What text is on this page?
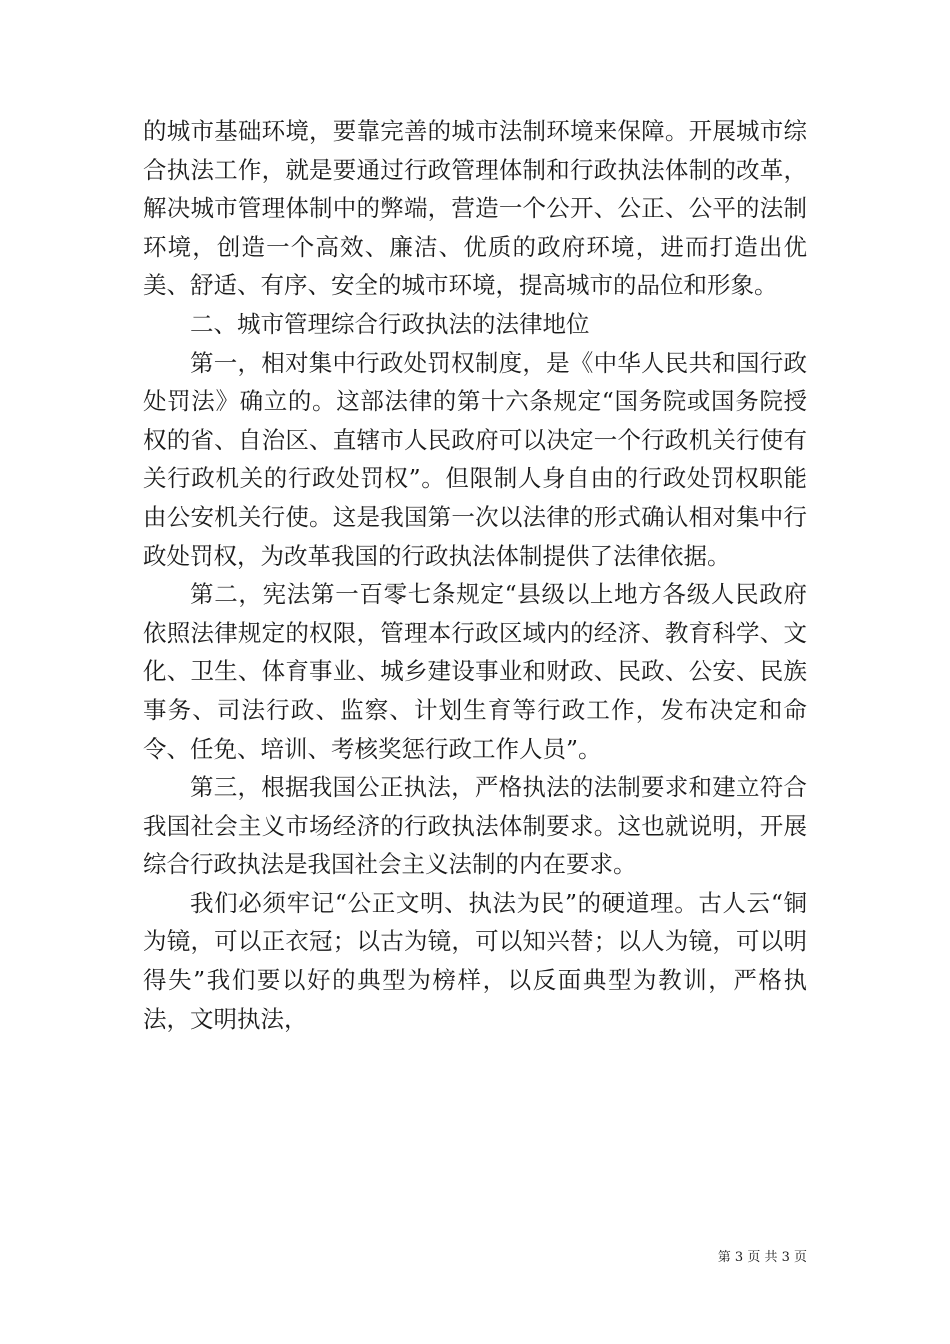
的城市基础环境，要靠完善的城市法制环境来保障。开展城市综合执法工作，就是要通过行政管理体制和行政执法体制的改革，解决城市管理体制中的弊端，营造一个公开、公正、公平的法制环境，创造一个高效、廉洁、优质的政府环境，进而打造出优美、舒适、有序、安全的城市环境，提高城市的品位和形象。

二、城市管理综合行政执法的法律地位

第一，相对集中行政处罚权制度，是《中华人民共和国行政处罚法》确立的。这部法律的第十六条规定“国务院或国务院授权的省、自治区、直辖市人民政府可以决定一个行政机关行使有关行政机关的行政处罚权”。但限制人身自由的行政处罚权职能由公安机关行使。这是我国第一次以法律的形式确认相对集中行政处罚权，为改革我国的行政执法体制提供了法律依据。

第二，宪法第一百零七条规定“县级以上地方各级人民政府依照法律规定的权限，管理本行政区域内的经济、教育科学、文化、卫生、体育事业、城乡建设事业和财政、民政、公安、民族事务、司法行政、监察、计划生育等行政工作，发布决定和命令、任免、培训、考核奖惩行政工作人员”。

第三，根据我国公正执法，严格执法的法制要求和建立符合我国社会主义市场经济的行政执法体制要求。这也就说明，开展综合行政执法是我国社会主义法制的内在要求。

我们必须牢记“公正文明、执法为民”的硬道理。古人云“铜为镜，可以正衣冠；以古为镜，可以知兴替；以人为镜，可以明得失”我们要以好的典型为榜样，以反面典型为教训，严格执法，文明执法，

第 3 页 共 3 页
